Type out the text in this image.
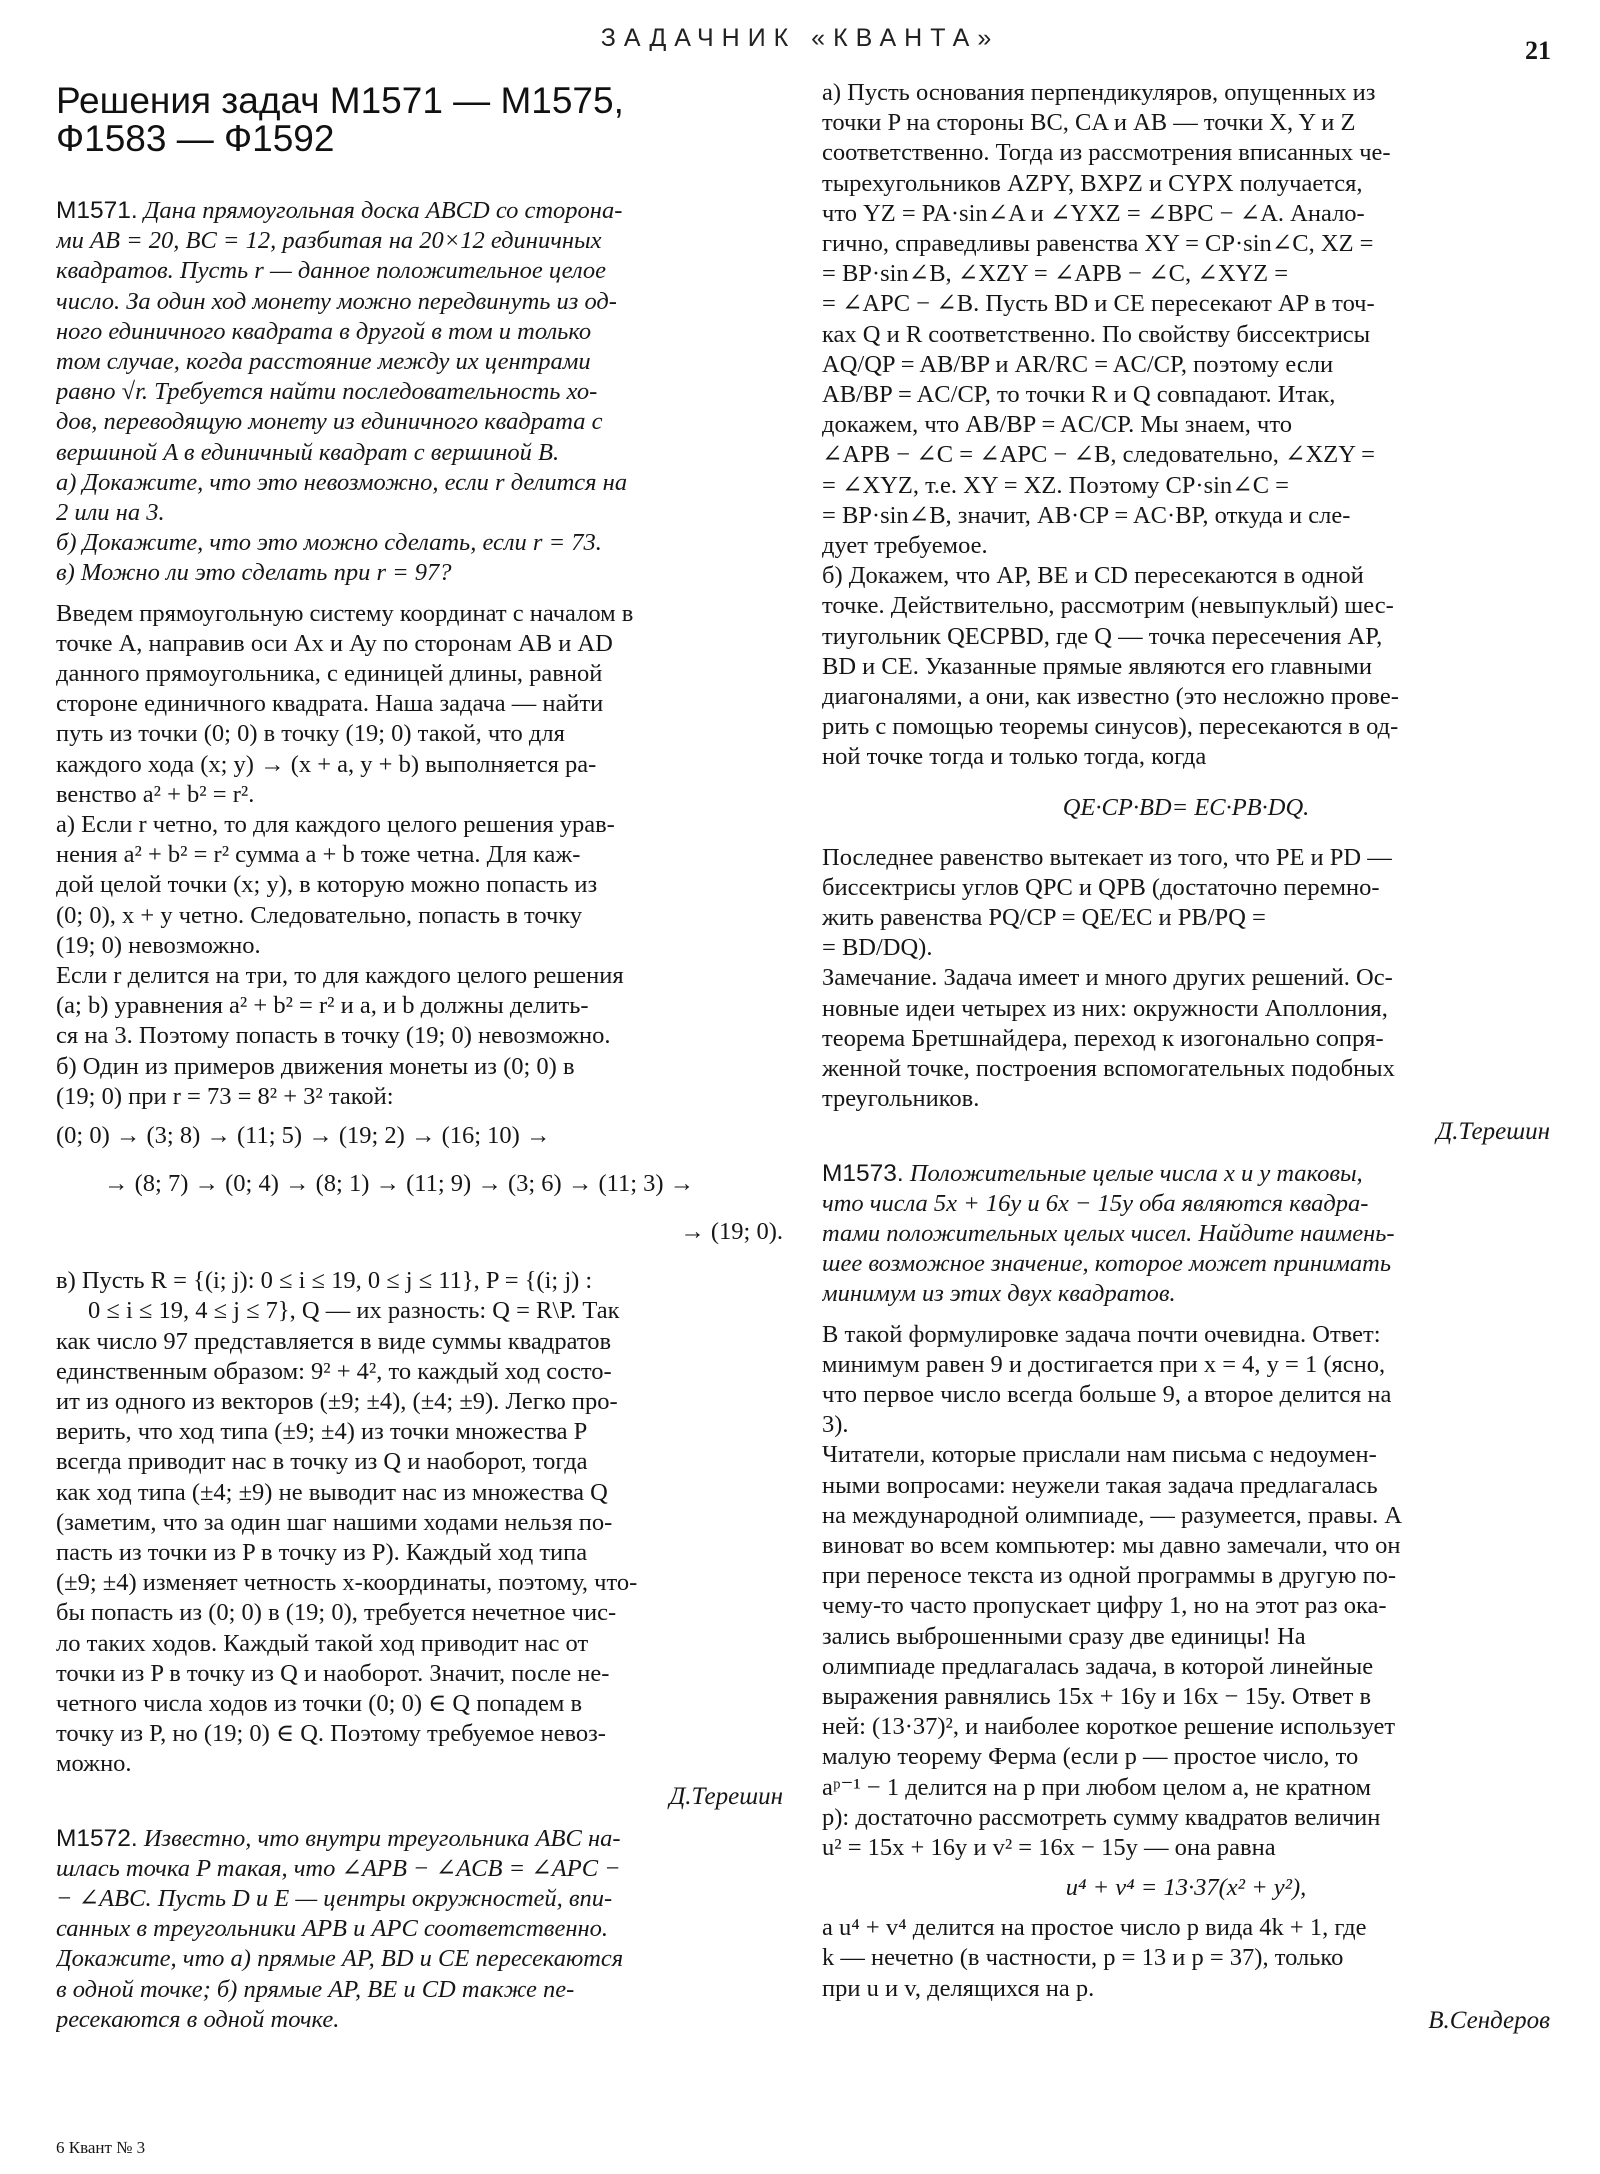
ЗАДАЧНИК «КВАНТА»	21
Решения задач М1571 — М1575,
Ф1583 — Ф1592
М1571. Дана прямоугольная доска ABCD со сторона-
ми AB = 20, BC = 12, разбитая на 20×12 единичных
квадратов. Пусть r — данное положительное целое
число. За один ход монету можно передвинуть из од-
ного единичного квадрата в другой в том и только
том случае, когда расстояние между их центрами
равно √r. Требуется найти последовательность хо-
дов, переводящую монету из единичного квадрата с
вершиной A в единичный квадрат с вершиной B.
а) Докажите, что это невозможно, если r делится на
2 или на 3.
б) Докажите, что это можно сделать, если r = 73.
в) Можно ли это сделать при r = 97?
Введем прямоугольную систему координат с началом в
точке A, направив оси Ax и Ay по сторонам AB и AD
данного прямоугольника, с единицей длины, равной
стороне единичного квадрата. Наша задача — найти
путь из точки (0; 0) в точку (19; 0) такой, что для
каждого хода (x; y) → (x + a, y + b) выполняется ра-
венство a² + b² = r².
а) Если r четно, то для каждого целого решения урав-
нения a² + b² = r² сумма a + b тоже четна. Для каж-
дой целой точки (x; y), в которую можно попасть из
(0; 0), x + y четно. Следовательно, попасть в точку
(19; 0) невозможно.
Если r делится на три, то для каждого целого решения
(a; b) уравнения a² + b² = r² и a, и b должны делить-
ся на 3. Поэтому попасть в точку (19; 0) невозможно.
б) Один из примеров движения монеты из (0; 0) в
(19; 0) при r = 73 = 8² + 3² такой:
(0; 0) → (3; 8) → (11; 5) → (19; 2) → (16; 10) →
→ (8; 7) → (0; 4) → (8; 1) → (11; 9) → (3; 6) → (11; 3) →
→ (19; 0).
в) Пусть R = {(i; j): 0 ≤ i ≤ 19, 0 ≤ j ≤ 11}, P = {(i; j) :
0 ≤ i ≤ 19, 4 ≤ j ≤ 7}, Q — их разность: Q = R\P. Так
как число 97 представляется в виде суммы квадратов
единственным образом: 9² + 4², то каждый ход состо-
ит из одного из векторов (±9; ±4), (±4; ±9). Легко про-
верить, что ход типа (±9; ±4) из точки множества P
всегда приводит нас в точку из Q и наоборот, тогда
как ход типа (±4; ±9) не выводит нас из множества Q
(заметим, что за один шаг нашими ходами нельзя по-
пасть из точки из P в точку из P). Каждый ход типа
(±9; ±4) изменяет четность x-координаты, поэтому, что-
бы попасть из (0; 0) в (19; 0), требуется нечетное чис-
ло таких ходов. Каждый такой ход приводит нас от
точки из P в точку из Q и наоборот. Значит, после не-
четного числа ходов из точки (0; 0) ∈ Q попадем в
точку из P, но (19; 0) ∈ Q. Поэтому требуемое невоз-
можно.
Д.Терешин
М1572. Известно, что внутри треугольника ABC на-
шлась точка P такая, что ∠APB − ∠ACB = ∠APC −
− ∠ABC. Пусть D и E — центры окружностей, впи-
санных в треугольники APB и APC соответственно.
Докажите, что а) прямые AP, BD и CE пересекаются
в одной точке; б) прямые AP, BE и CD также пе-
ресекаются в одной точке.
а) Пусть основания перпендикуляров, опущенных из
точки P на стороны BC, CA и AB — точки X, Y и Z
соответственно. Тогда из рассмотрения вписанных че-
тырехугольников AZPY, BXPZ и CYPX получается,
что YZ = PA·sin∠A и ∠YXZ = ∠BPC − ∠A. Анало-
гично, справедливы равенства XY = CP·sin∠C, XZ =
= BP·sin∠B, ∠XZY = ∠APB − ∠C, ∠XYZ =
= ∠APC − ∠B. Пусть BD и CE пересекают AP в точ-
ках Q и R соответственно. По свойству биссектрисы
AQ/QP = AB/BP и AR/RC = AC/CP, поэтому если
AB/BP = AC/CP, то точки R и Q совпадают. Итак,
докажем, что AB/BP = AC/CP. Мы знаем, что
∠APB − ∠C = ∠APC − ∠B, следовательно, ∠XZY =
= ∠XYZ, т.е. XY = XZ. Поэтому CP·sin∠C =
= BP·sin∠B, значит, AB·CP = AC·BP, откуда и сле-
дует требуемое.
б) Докажем, что AP, BE и CD пересекаются в одной
точке. Действительно, рассмотрим (невыпуклый) шес-
тиугольник QECPBD, где Q — точка пересечения AP,
BD и CE. Указанные прямые являются его главными
диагоналями, а они, как известно (это несложно прове-
рить с помощью теоремы синусов), пересекаются в од-
ной точке тогда и только тогда, когда
QE·CP·BD= EC·PB·DQ.
Последнее равенство вытекает из того, что PE и PD —
биссектрисы углов QPC и QPB (достаточно перемно-
жить равенства PQ/CP = QE/EC и PB/PQ =
= BD/DQ).
Замечание. Задача имеет и много других решений. Ос-
новные идеи четырех из них: окружности Аполлония,
теорема Бретшнайдера, переход к изогонально сопря-
женной точке, построения вспомогательных подобных
треугольников.
Д.Терешин
М1573. Положительные целые числа x и y таковы,
что числа 5x + 16y и 6x − 15y оба являются квадра-
тами положительных целых чисел. Найдите наимень-
шее возможное значение, которое может принимать
минимум из этих двух квадратов.
В такой формулировке задача почти очевидна. Ответ:
минимум равен 9 и достигается при x = 4, y = 1 (ясно,
что первое число всегда больше 9, а второе делится на
3).
Читатели, которые прислали нам письма с недоумен-
ными вопросами: неужели такая задача предлагалась
на международной олимпиаде, — разумеется, правы. А
виноват во всем компьютер: мы давно замечали, что он
при переносе текста из одной программы в другую по-
чему-то часто пропускает цифру 1, но на этот раз ока-
зались выброшенными сразу две единицы! На
олимпиаде предлагалась задача, в которой линейные
выражения равнялись 15x + 16y и 16x − 15y. Ответ в
ней: (13·37)², и наиболее короткое решение использует
малую теорему Ферма (если p — простое число, то
aᵖ⁻¹ − 1 делится на p при любом целом a, не кратном
p): достаточно рассмотреть сумму квадратов величин
u² = 15x + 16y и v² = 16x − 15y — она равна
u⁴ + v⁴ = 13·37(x² + y²),
а u⁴ + v⁴ делится на простое число p вида 4k + 1, где
k — нечетно (в частности, p = 13 и p = 37), только
при u и v, делящихся на p.
В.Сендеров
6 Квант № 3
